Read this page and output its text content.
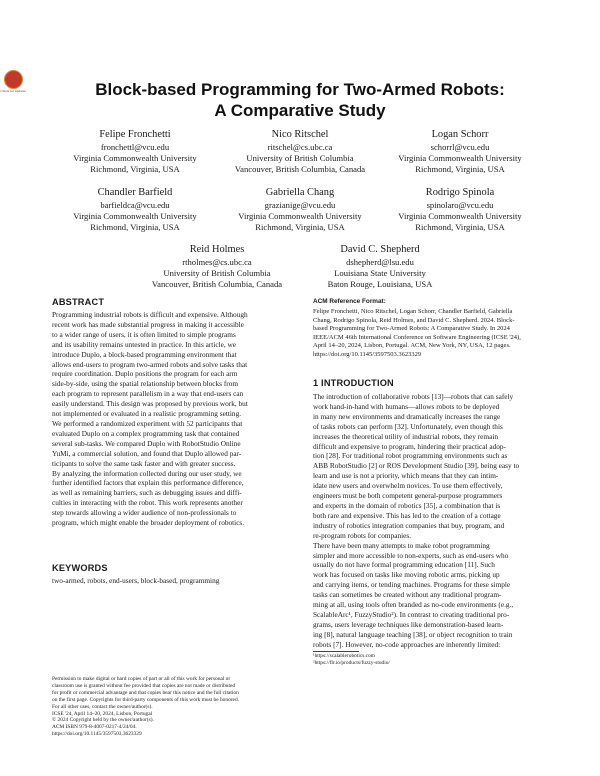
Check for updates	Block-based Programming for Two-Armed Robots:
A Comparative Study
Felipe Fronchetti
fronchettl@vcu.edu
Virginia Commonwealth University
Richmond, Virginia, USA
Nico Ritschel
ritschel@cs.ubc.ca
University of British Columbia
Vancouver, British Columbia, Canada
Logan Schorr
schorrl@vcu.edu
Virginia Commonwealth University
Richmond, Virginia, USA
Chandler Barfield
barfieldca@vcu.edu
Virginia Commonwealth University
Richmond, Virginia, USA
Gabriella Chang
grazianige@vcu.edu
Virginia Commonwealth University
Richmond, Virginia, USA
Rodrigo Spinola
spinolaro@vcu.edu
Virginia Commonwealth University
Richmond, Virginia, USA
Reid Holmes
rtholmes@cs.ubc.ca
University of British Columbia
Vancouver, British Columbia, Canada
David C. Shepherd
dshepherd@lsu.edu
Louisiana State University
Baton Rouge, Louisiana, USA
ABSTRACT
Programming industrial robots is difficult and expensive. Although
recent work has made substantial progress in making it accessible
to a wider range of users, it is often limited to simple programs
and its usability remains untested in practice. In this article, we
introduce Duplo, a block-based programming environment that
allows end-users to program two-armed robots and solve tasks that
require coordination. Duplo positions the program for each arm
side-by-side, using the spatial relationship between blocks from
each program to represent parallelism in a way that end-users can
easily understand. This design was proposed by previous work, but
not implemented or evaluated in a realistic programming setting.
We performed a randomized experiment with 52 participants that
evaluated Duplo on a complex programming task that contained
several sub-tasks. We compared Duplo with RobotStudio Online
YuMi, a commercial solution, and found that Duplo allowed par-
ticipants to solve the same task faster and with greater success.
By analyzing the information collected during our user study, we
further identified factors that explain this performance difference,
as well as remaining barriers, such as debugging issues and diffi-
culties in interacting with the robot. This work represents another
step towards allowing a wider audience of non-professionals to
program, which might enable the broader deployment of robotics.
KEYWORDS
two-armed, robots, end-users, block-based, programming
Permission to make digital or hard copies of part or all of this work for personal or
classroom use is granted without fee provided that copies are not made or distributed
for profit or commercial advantage and that copies bear this notice and the full citation
on the first page. Copyrights for third-party components of this work must be honored.
For all other uses, contact the owner/author(s).
ICSE '24, April 14–20, 2024, Lisbon, Portugal
© 2024 Copyright held by the owner/author(s).
ACM ISBN 979-8-4007-0217-4/24/04.
https://doi.org/10.1145/3597503.3623329
ACM Reference Format:
Felipe Fronchetti, Nico Ritschel, Logan Schorr, Chandler Barfield, Gabriella
Chang, Rodrigo Spinola, Reid Holmes, and David C. Shepherd. 2024. Block-
based Programming for Two-Armed Robots: A Comparative Study. In 2024
IEEE/ACM 46th International Conference on Software Engineering (ICSE '24),
April 14–20, 2024, Lisbon, Portugal. ACM, New York, NY, USA, 12 pages.
https://doi.org/10.1145/3597503.3623329
1 INTRODUCTION
The introduction of collaborative robots [13]—robots that can safely
work hand-in-hand with humans—allows robots to be deployed
in many new environments and dramatically increases the range
of tasks robots can perform [32]. Unfortunately, even though this
increases the theoretical utility of industrial robots, they remain
difficult and expensive to program, hindering their practical adop-
tion [28]. For traditional robot programming environments such as
ABB RobotStudio [2] or ROS Development Studio [39], being easy to
learn and use is not a priority, which means that they can intim-
idate new users and overwhelm novices. To use them effectively,
engineers must be both competent general-purpose programmers
and experts in the domain of robotics [35], a combination that is
both rare and expensive. This has led to the creation of a cottage
industry of robotics integration companies that buy, program, and
re-program robots for companies.
There have been many attempts to make robot programming
simpler and more accessible to non-experts, such as end-users who
usually do not have formal programming education [11]. Such
work has focused on tasks like moving robotic arms, picking up
and carrying items, or tending machines. Programs for these simple
tasks can sometimes be created without any traditional program-
ming at all, using tools often branded as no-code environments (e.g.,
ScalableArc¹, FuzzyStudio²). In contrast to creating traditional pro-
grams, users leverage techniques like demonstration-based learn-
ing [8], natural language teaching [38], or object recognition to train
robots [7]. However, no-code approaches are inherently limited:
¹https://scalablerobotics.com
²https://flr.io/products/fuzzy-studio/
